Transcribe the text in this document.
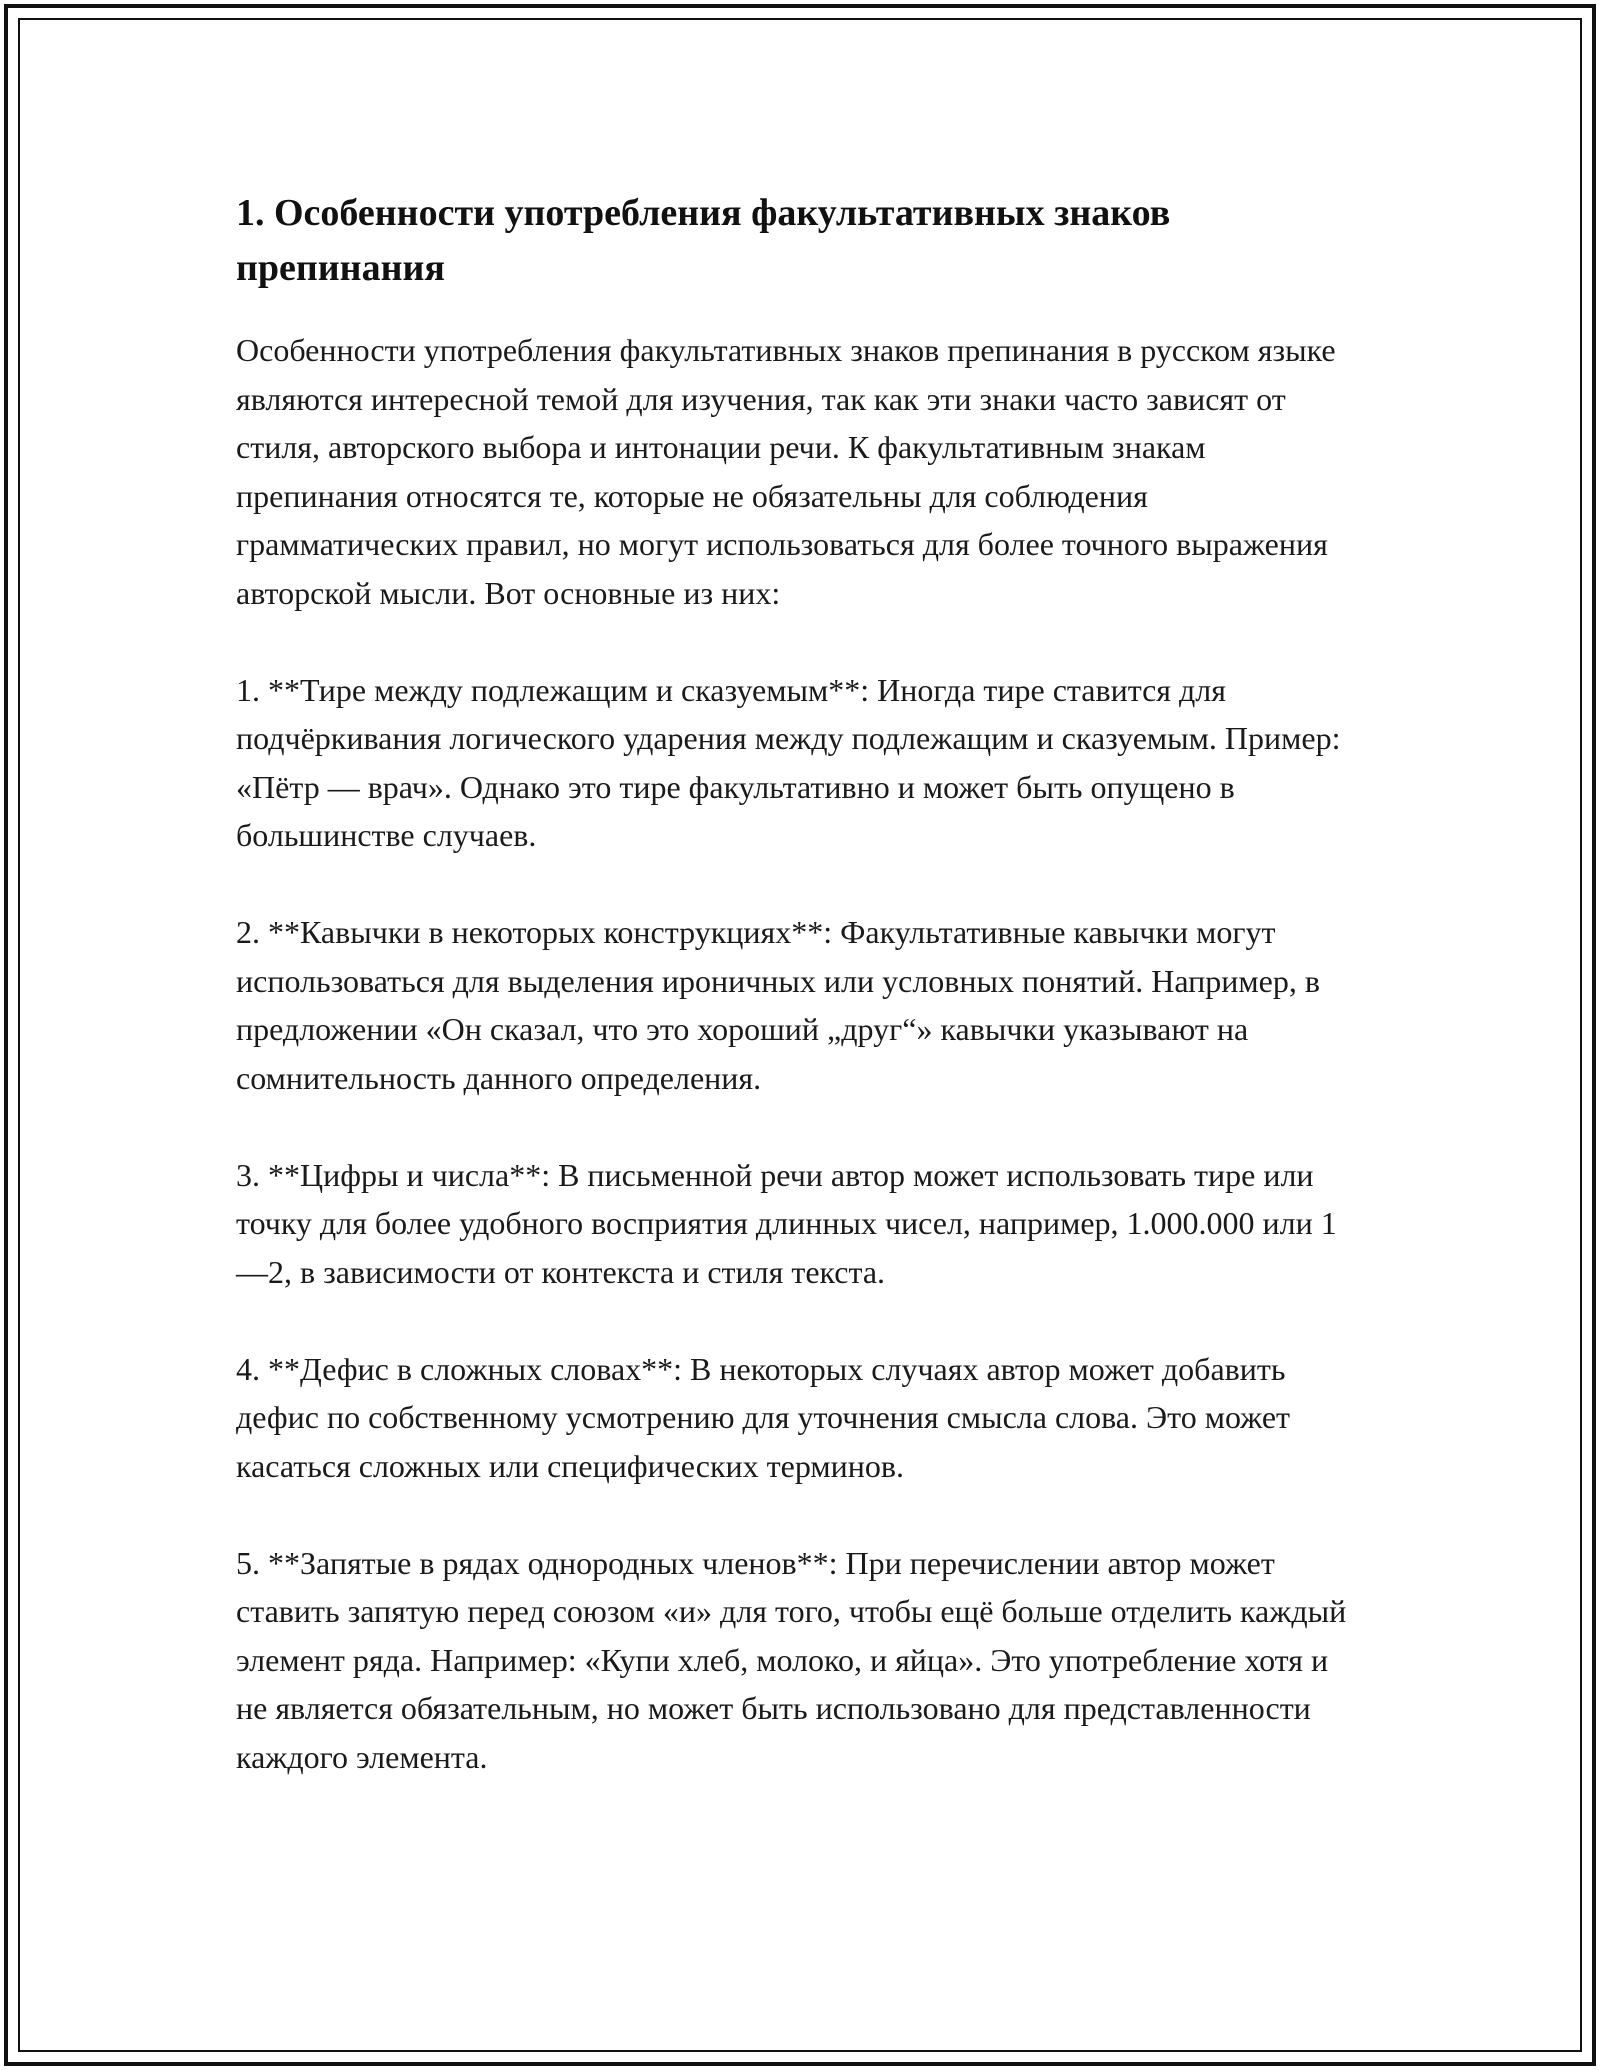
1. Особенности употребления факультативных знаков препинания

Особенности употребления факультативных знаков препинания в русском языке являются интересной темой для изучения, так как эти знаки часто зависят от стиля, авторского выбора и интонации речи. К факультативным знакам препинания относятся те, которые не обязательны для соблюдения грамматических правил, но могут использоваться для более точного выражения авторской мысли. Вот основные из них:

1. **Тире между подлежащим и сказуемым**: Иногда тире ставится для подчёркивания логического ударения между подлежащим и сказуемым. Пример: «Пётр — врач». Однако это тире факультативно и может быть опущено в большинстве случаев.

2. **Кавычки в некоторых конструкциях**: Факультативные кавычки могут использоваться для выделения ироничных или условных понятий. Например, в предложении «Он сказал, что это хороший „друг“» кавычки указывают на сомнительность данного определения.

3. **Цифры и числа**: В письменной речи автор может использовать тире или точку для более удобного восприятия длинных чисел, например, 1.000.000 или 1—2, в зависимости от контекста и стиля текста.

4. **Дефис в сложных словах**: В некоторых случаях автор может добавить дефис по собственному усмотрению для уточнения смысла слова. Это может касаться сложных или специфических терминов.

5. **Запятые в рядах однородных членов**: При перечислении автор может ставить запятую перед союзом «и» для того, чтобы ещё больше отделить каждый элемент ряда. Например: «Купи хлеб, молоко, и яйца». Это употребление хотя и не является обязательным, но может быть использовано для представленности каждого элемента.
